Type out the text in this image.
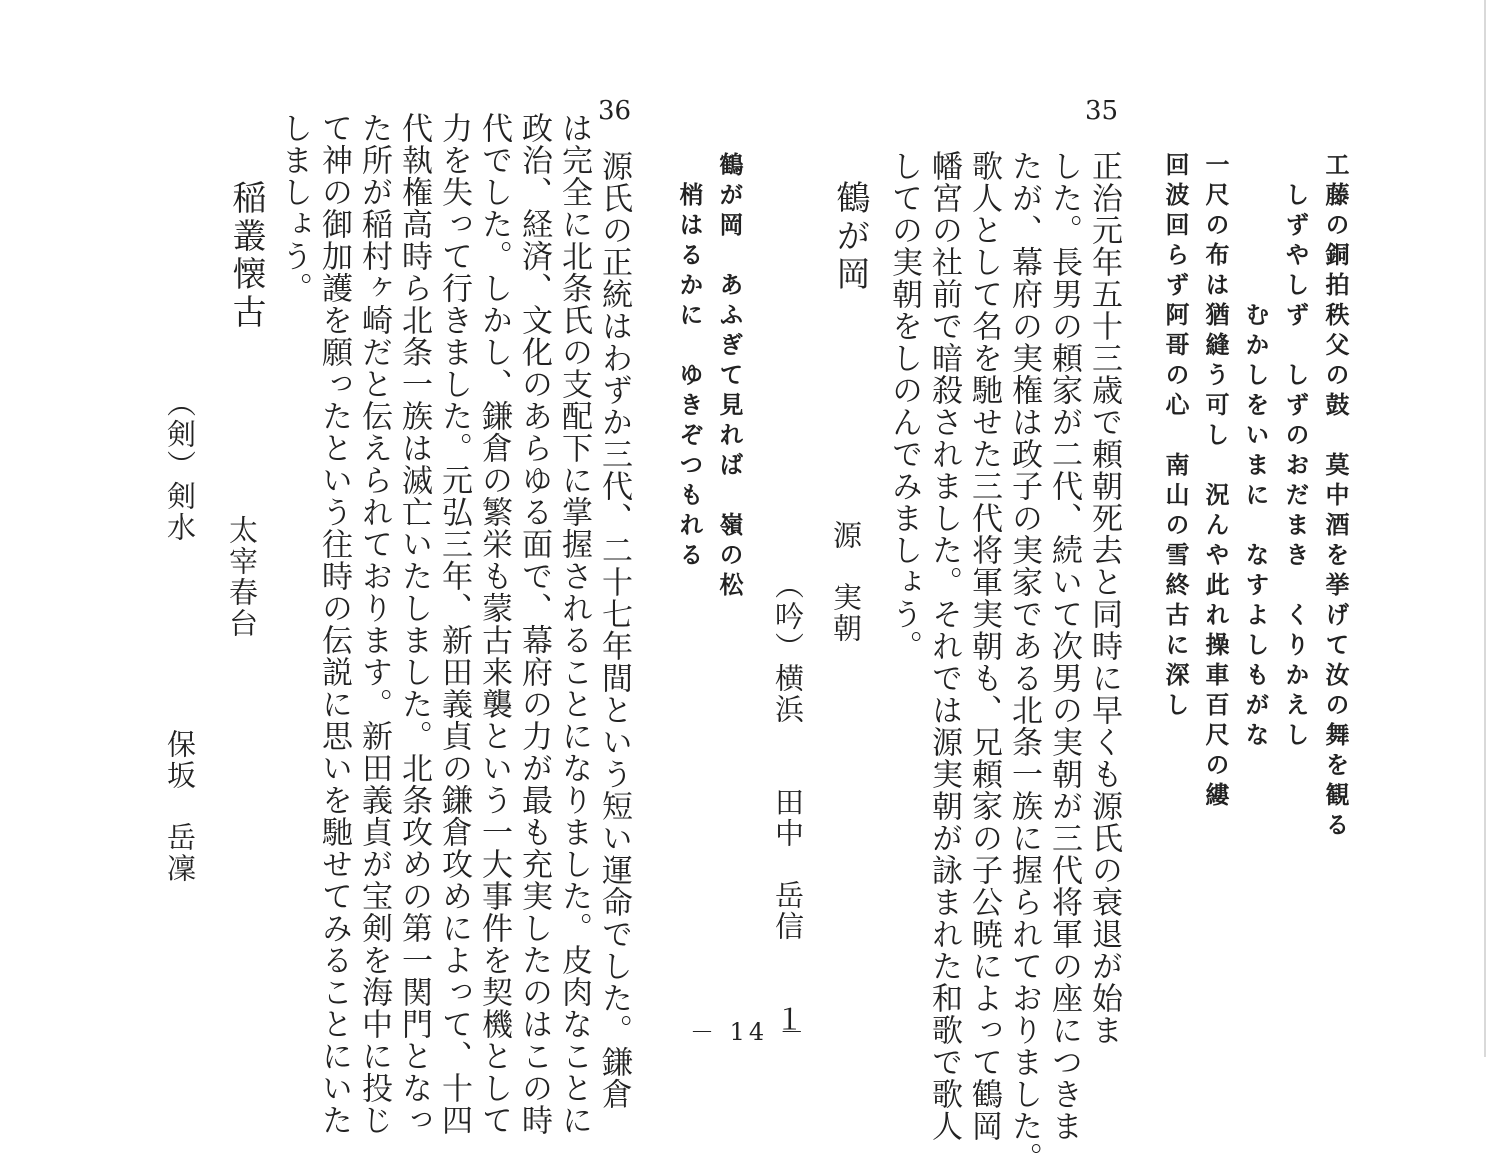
工藤の銅拍秩父の鼓　莫中酒を挙げて汝の舞を観る
　しずやしず　しずのおだまき　くりかえし
　　　　　むかしをいまに　なすよしもがな
一尺の布は猶縫う可し　況んや此れ操車百尺の縷
回波回らず阿哥の心　南山の雪終古に深し
35
正治元年五十三歳で頼朝死去と同時に早くも源氏の衰退が始ま
した。長男の頼家が二代、続いて次男の実朝が三代将軍の座につきま
たが、幕府の実権は政子の実家である北条一族に握られておりました。
歌人として名を馳せた三代将軍実朝も、兄頼家の子公暁によって鶴岡
幡宮の社前で暗殺されました。それでは源実朝が詠まれた和歌で歌人
しての実朝をしのんでみましょう。
鶴が岡
源　実朝
（吟）横浜　　田中　岳信　　１
鶴が岡　あふぎて見れば　嶺の松
　梢はるかに　ゆきぞつもれる
36
源氏の正統はわずか三代、二十七年間という短い運命でした。鎌倉
は完全に北条氏の支配下に掌握されることになりました。皮肉なことに
政治、経済、文化のあらゆる面で、幕府の力が最も充実したのはこの時
代でした。しかし、鎌倉の繁栄も蒙古来襲という一大事件を契機として
力を失って行きました。元弘三年、新田義貞の鎌倉攻めによって、十四
代執権高時ら北条一族は滅亡いたしました。北条攻めの第一関門となっ
た所が稲村ヶ崎だと伝えられております。新田義貞が宝剣を海中に投じ
て神の御加護を願ったという往時の伝説に思いを馳せてみることにいた
しましょう。
稲叢懐古
太宰春台
（剣）剣水　　　　　　保坂　岳凜
－ 14 －
